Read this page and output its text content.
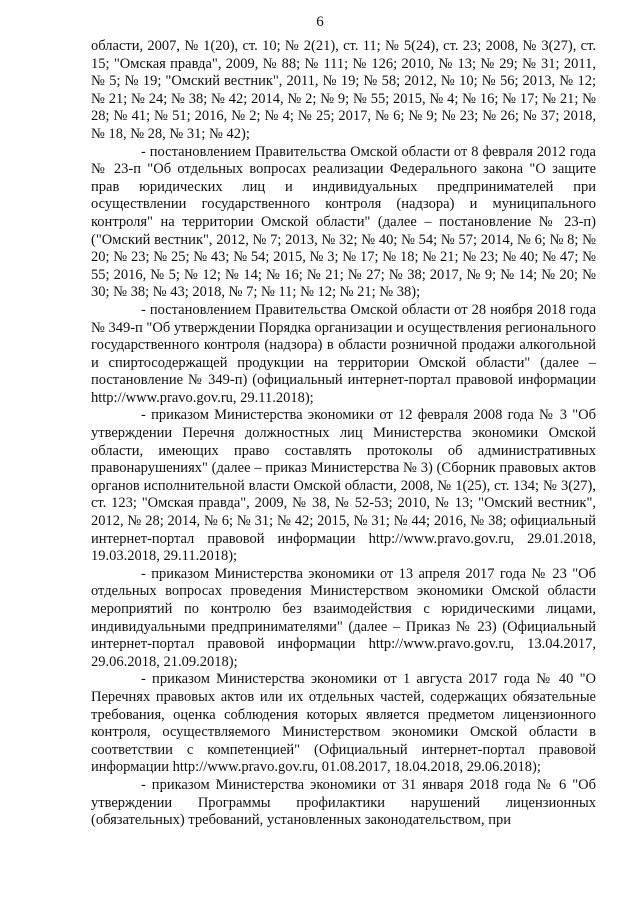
6

области, 2007, № 1(20), ст. 10; № 2(21), ст. 11; № 5(24), ст. 23; 2008, № 3(27), ст. 15; "Омская правда", 2009, № 88; № 111; № 126; 2010, № 13; № 29; № 31; 2011, № 5; № 19; "Омский вестник", 2011, № 19; № 58; 2012, № 10; № 56; 2013, № 12; № 21; № 24; № 38; № 42; 2014, № 2; № 9; № 55; 2015, № 4; № 16; № 17; № 21; № 28; № 41; № 51; 2016, № 2; № 4; № 25; 2017, № 6; № 9; № 23; № 26; № 37; 2018, № 18, № 28, № 31; № 42);

- постановлением Правительства Омской области от 8 февраля 2012 года № 23-п "Об отдельных вопросах реализации Федерального закона "О защите прав юридических лиц и индивидуальных предпринимателей при осуществлении государственного контроля (надзора) и муниципального контроля" на территории Омской области" (далее – постановление № 23-п) ("Омский вестник", 2012, № 7; 2013, № 32; № 40; № 54; № 57; 2014, № 6; № 8; № 20; № 23; № 25; № 43; № 54; 2015, № 3; № 17; № 18; № 21; № 23; № 40; № 47; № 55; 2016, № 5; № 12; № 14; № 16; № 21; № 27; № 38; 2017, № 9; № 14; № 20; № 30; № 38; № 43; 2018, № 7; № 11; № 12; № 21; № 38);

- постановлением Правительства Омской области от 28 ноября 2018 года № 349-п "Об утверждении Порядка организации и осуществления регионального государственного контроля (надзора) в области розничной продажи алкогольной и спиртосодержащей продукции на территории Омской области" (далее – постановление № 349-п) (официальный интернет-портал правовой информации http://www.pravo.gov.ru, 29.11.2018);

- приказом Министерства экономики от 12 февраля 2008 года № 3 "Об утверждении Перечня должностных лиц Министерства экономики Омской области, имеющих право составлять протоколы об административных правонарушениях" (далее – приказ Министерства № 3) (Сборник правовых актов органов исполнительной власти Омской области, 2008, № 1(25), ст. 134; № 3(27), ст. 123; "Омская правда", 2009, № 38, № 52-53; 2010, № 13; "Омский вестник", 2012, № 28; 2014, № 6; № 31; № 42; 2015, № 31; № 44; 2016, № 38; официальный интернет-портал правовой информации http://www.pravo.gov.ru, 29.01.2018, 19.03.2018, 29.11.2018);

- приказом Министерства экономики от 13 апреля 2017 года № 23 "Об отдельных вопросах проведения Министерством экономики Омской области мероприятий по контролю без взаимодействия с юридическими лицами, индивидуальными предпринимателями" (далее – Приказ № 23) (Официальный интернет-портал правовой информации http://www.pravo.gov.ru, 13.04.2017, 29.06.2018, 21.09.2018);

- приказом Министерства экономики от 1 августа 2017 года № 40 "О Перечнях правовых актов или их отдельных частей, содержащих обязательные требования, оценка соблюдения которых является предметом лицензионного контроля, осуществляемого Министерством экономики Омской области в соответствии с компетенцией" (Официальный интернет-портал правовой информации http://www.pravo.gov.ru, 01.08.2017, 18.04.2018, 29.06.2018);

- приказом Министерства экономики от 31 января 2018 года № 6 "Об утверждении Программы профилактики нарушений лицензионных (обязательных) требований, установленных законодательством, при
